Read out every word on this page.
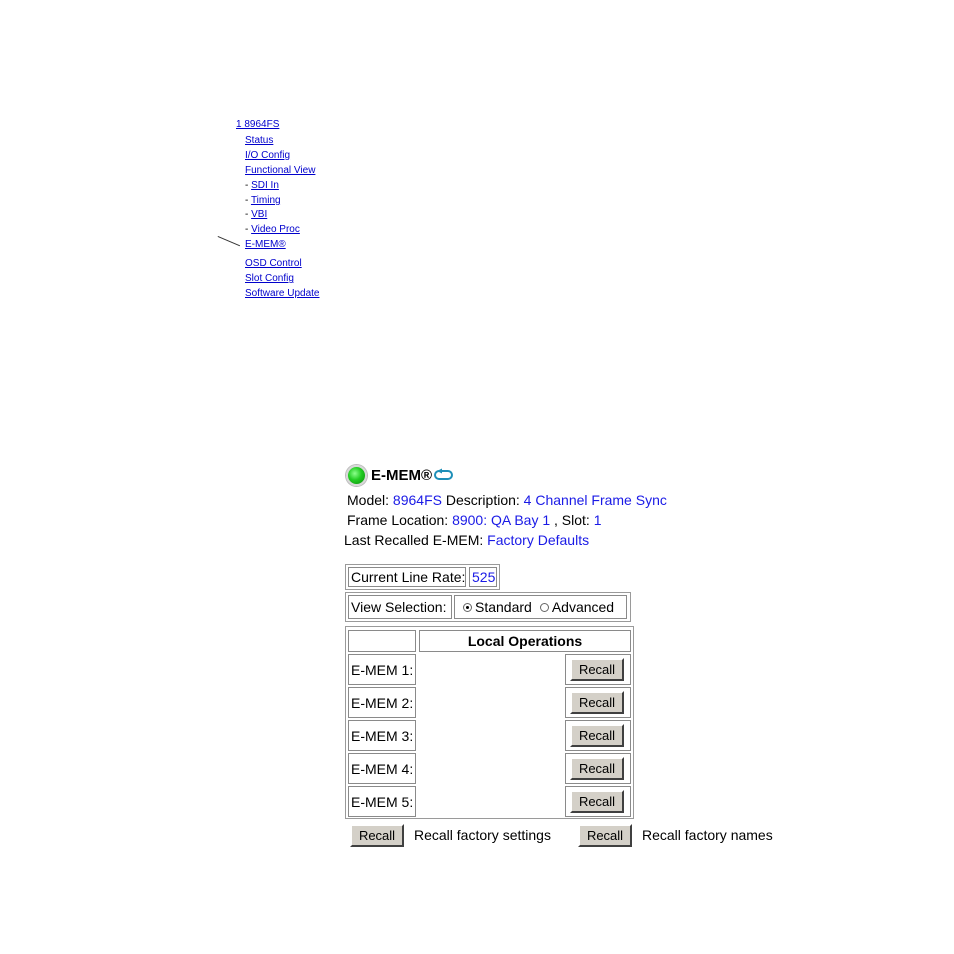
1 8964FS
Status
I/O Config
Functional View
- SDI In
- Timing
- VBI
- Video Proc
E-MEM®
OSD Control
Slot Config
Software Update
E-MEM®
Model: 8964FS Description: 4 Channel Frame Sync
Frame Location: 8900: QA Bay 1 , Slot: 1
Last Recalled E-MEM: Factory Defaults
Current Line Rate: 525
View Selection:	Standard Advanced
Local Operations
E-MEM 1:	Recall
E-MEM 2:	Recall
E-MEM 3:	Recall
E-MEM 4:	Recall
E-MEM 5:	Recall
Recall	Recall factory settings	Recall	Recall factory names
